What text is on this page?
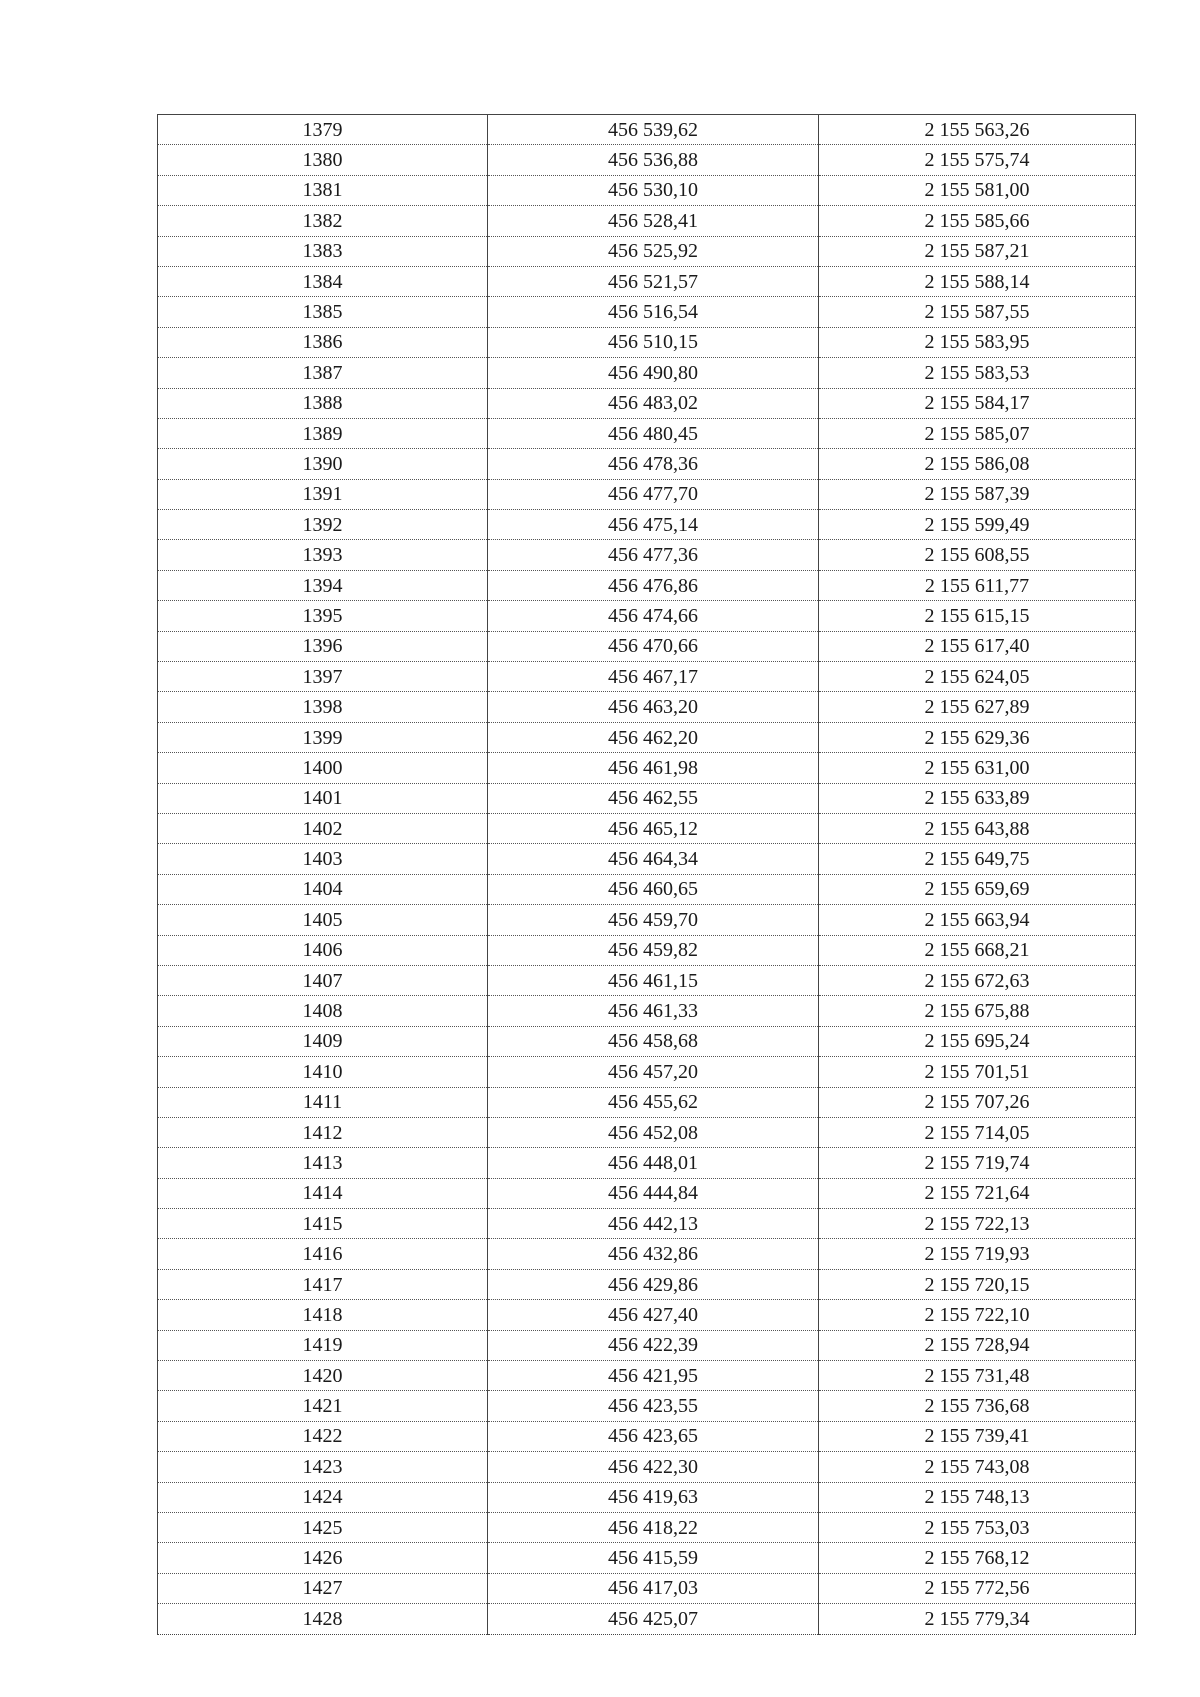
1379	456 539,62	2 155 563,26
1380	456 536,88	2 155 575,74
1381	456 530,10	2 155 581,00
1382	456 528,41	2 155 585,66
1383	456 525,92	2 155 587,21
1384	456 521,57	2 155 588,14
1385	456 516,54	2 155 587,55
1386	456 510,15	2 155 583,95
1387	456 490,80	2 155 583,53
1388	456 483,02	2 155 584,17
1389	456 480,45	2 155 585,07
1390	456 478,36	2 155 586,08
1391	456 477,70	2 155 587,39
1392	456 475,14	2 155 599,49
1393	456 477,36	2 155 608,55
1394	456 476,86	2 155 611,77
1395	456 474,66	2 155 615,15
1396	456 470,66	2 155 617,40
1397	456 467,17	2 155 624,05
1398	456 463,20	2 155 627,89
1399	456 462,20	2 155 629,36
1400	456 461,98	2 155 631,00
1401	456 462,55	2 155 633,89
1402	456 465,12	2 155 643,88
1403	456 464,34	2 155 649,75
1404	456 460,65	2 155 659,69
1405	456 459,70	2 155 663,94
1406	456 459,82	2 155 668,21
1407	456 461,15	2 155 672,63
1408	456 461,33	2 155 675,88
1409	456 458,68	2 155 695,24
1410	456 457,20	2 155 701,51
1411	456 455,62	2 155 707,26
1412	456 452,08	2 155 714,05
1413	456 448,01	2 155 719,74
1414	456 444,84	2 155 721,64
1415	456 442,13	2 155 722,13
1416	456 432,86	2 155 719,93
1417	456 429,86	2 155 720,15
1418	456 427,40	2 155 722,10
1419	456 422,39	2 155 728,94
1420	456 421,95	2 155 731,48
1421	456 423,55	2 155 736,68
1422	456 423,65	2 155 739,41
1423	456 422,30	2 155 743,08
1424	456 419,63	2 155 748,13
1425	456 418,22	2 155 753,03
1426	456 415,59	2 155 768,12
1427	456 417,03	2 155 772,56
1428	456 425,07	2 155 779,34
